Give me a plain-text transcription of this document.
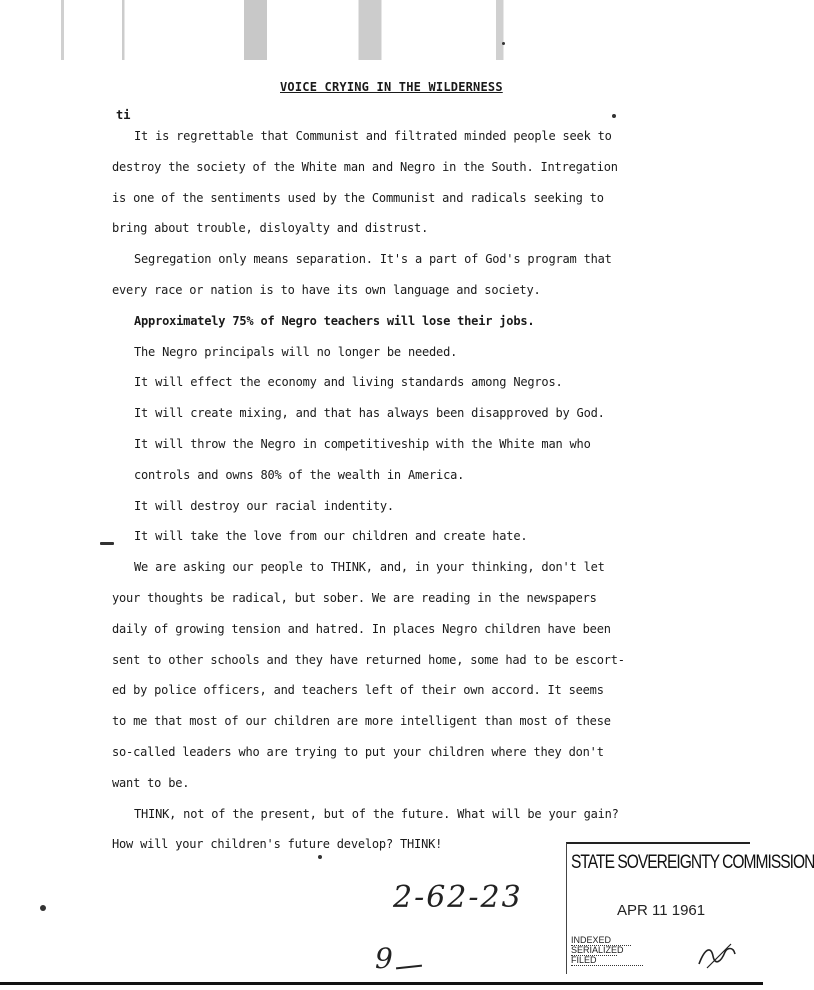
VOICE CRYING IN THE WILDERNESS
ti
It is regrettable that Communist and filtrated minded people seek to
destroy the society of the White man and Negro in the South. Intregation
is one of the sentiments used by the Communist and radicals seeking to
bring about trouble, disloyalty and distrust.
Segregation only means separation. It's a part of God's program that
every race or nation is to have its own language and society.
Approximately 75% of Negro teachers will lose their jobs.
The Negro principals will no longer be needed.
It will effect the economy and living standards among Negros.
It will create mixing, and that has always been disapproved by God.
It will throw the Negro in competitiveship with the White man who
controls and owns 80% of the wealth in America.
It will destroy our racial indentity.
It will take the love from our children and create hate.
We are asking our people to THINK, and, in your thinking, don't let
your thoughts be radical, but sober. We are reading in the newspapers
daily of growing tension and hatred. In places Negro children have been
sent to other schools and they have returned home, some had to be escort-
ed by police officers, and teachers left of their own accord. It seems
to me that most of our children are more intelligent than most of these
so-called leaders who are trying to put your children where they don't
want to be.
THINK, not of the present, but of the future. What will be your gain?
How will your children's future develop? THINK!
2-62-23
9
STATE SOVEREIGNTY COMMISSION
APR 11 1961
INDEXED
SERIALIZED
FILED
